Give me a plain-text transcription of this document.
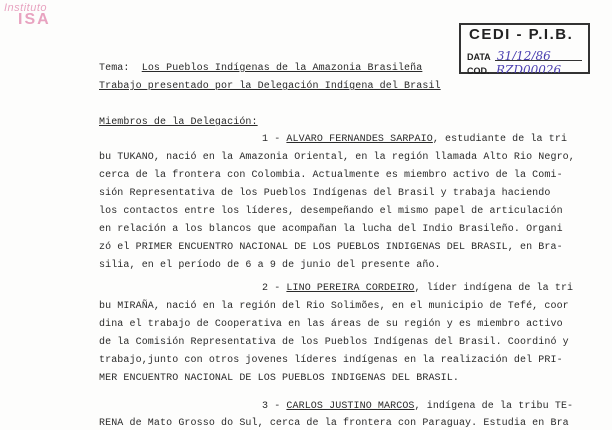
Instituto
ISA
CEDI - P.I.B.
DATA 31/12/86
COD. RZD00026
Tema: Los Pueblos Indígenas de la Amazonia Brasileña
Trabajo presentado por la Delegación Indígena del Brasil
Miembros de la Delegación:
1 - ALVARO FERNANDES SARPAIO, estudiante de la tri
bu TUKANO, nació en la Amazonia Oriental, en la región llamada Alto Rio Negro,
cerca de la frontera con Colombia. Actualmente es miembro activo de la Comi-
sión Representativa de los Pueblos Indígenas del Brasil y trabaja haciendo
los contactos entre los líderes, desempeñando el mismo papel de articulación
en relación a los blancos que acompañan la lucha del Indio Brasileño. Organi
zó el PRIMER ENCUENTRO NACIONAL DE LOS PUEBLOS INDIGENAS DEL BRASIL, en Bra-
silia, en el período de 6 a 9 de junio del presente año.
2 - LINO PEREIRA CORDEIRO, líder indígena de la tri
bu MIRAÑA, nació en la región del Rio Solimões, en el municipio de Tefé, coor
dina el trabajo de Cooperativa en las áreas de su región y es miembro activo
de la Comisión Representativa de los Pueblos Indígenas del Brasil. Coordinó y
trabajo,junto con otros jovenes líderes indígenas en la realización del PRI-
MER ENCUENTRO NACIONAL DE LOS PUEBLOS INDIGENAS DEL BRASIL.
3 - CARLOS JUSTINO MARCOS, indígena de la tribu TE-
RENA de Mato Grosso do Sul, cerca de la frontera con Paraguay. Estudia en Bra
